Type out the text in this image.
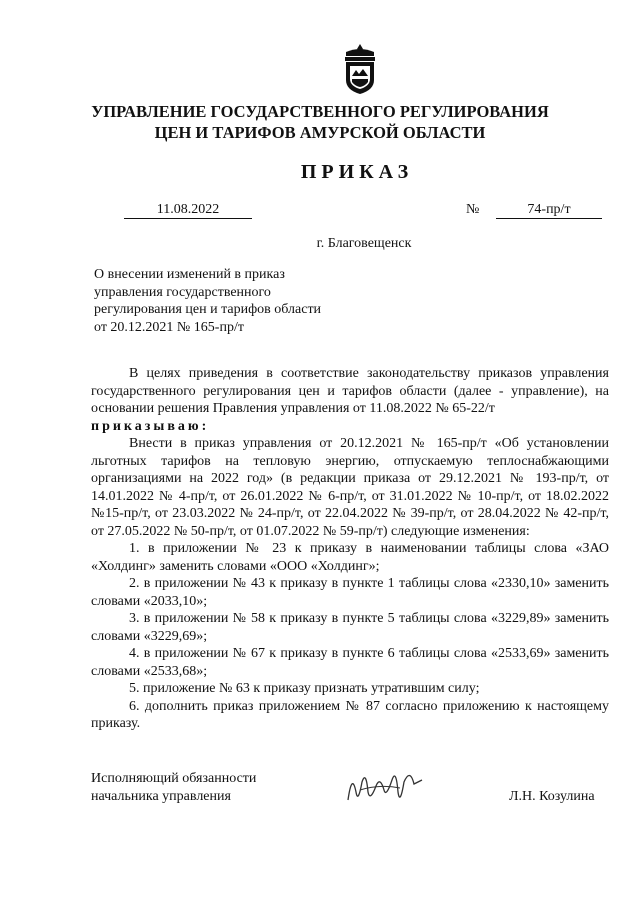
УПРАВЛЕНИЕ ГОСУДАРСТВЕННОГО РЕГУЛИРОВАНИЯ
ЦЕН И ТАРИФОВ АМУРСКОЙ ОБЛАСТИ
ПРИКАЗ
11.08.2022	№	74-пр/т
г. Благовещенск
О внесении изменений в приказ
управления государственного
регулирования цен и тарифов области
от 20.12.2021 № 165-пр/т

В целях приведения в соответствие законодательству приказов управления государственного регулирования цен и тарифов области (далее - управление), на основании решения Правления управления от 11.08.2022 № 65-22/т

приказываю:

Внести в приказ управления от 20.12.2021 № 165-пр/т «Об установлении льготных тарифов на тепловую энергию, отпускаемую теплоснабжающими организациями на 2022 год» (в редакции приказа от 29.12.2021 № 193-пр/т, от 14.01.2022 № 4-пр/т, от 26.01.2022 № 6-пр/т, от 31.01.2022 № 10-пр/т, от 18.02.2022 №15-пр/т, от 23.03.2022 № 24-пр/т, от 22.04.2022 № 39-пр/т, от 28.04.2022 № 42-пр/т, от 27.05.2022 № 50-пр/т, от 01.07.2022 № 59-пр/т) следующие изменения:

1. в приложении № 23 к приказу в наименовании таблицы слова «ЗАО «Холдинг» заменить словами «ООО «Холдинг»;

2. в приложении № 43 к приказу в пункте 1 таблицы слова «2330,10» заменить словами «2033,10»;

3. в приложении № 58 к приказу в пункте 5 таблицы слова «3229,89» заменить словами «3229,69»;

4. в приложении № 67 к приказу в пункте 6 таблицы слова «2533,69» заменить словами «2533,68»;

5. приложение № 63 к приказу признать утратившим силу;

6. дополнить приказ приложением № 87 согласно приложению к настоящему приказу.

Исполняющий обязанности
начальника управления	Л.Н. Козулина
